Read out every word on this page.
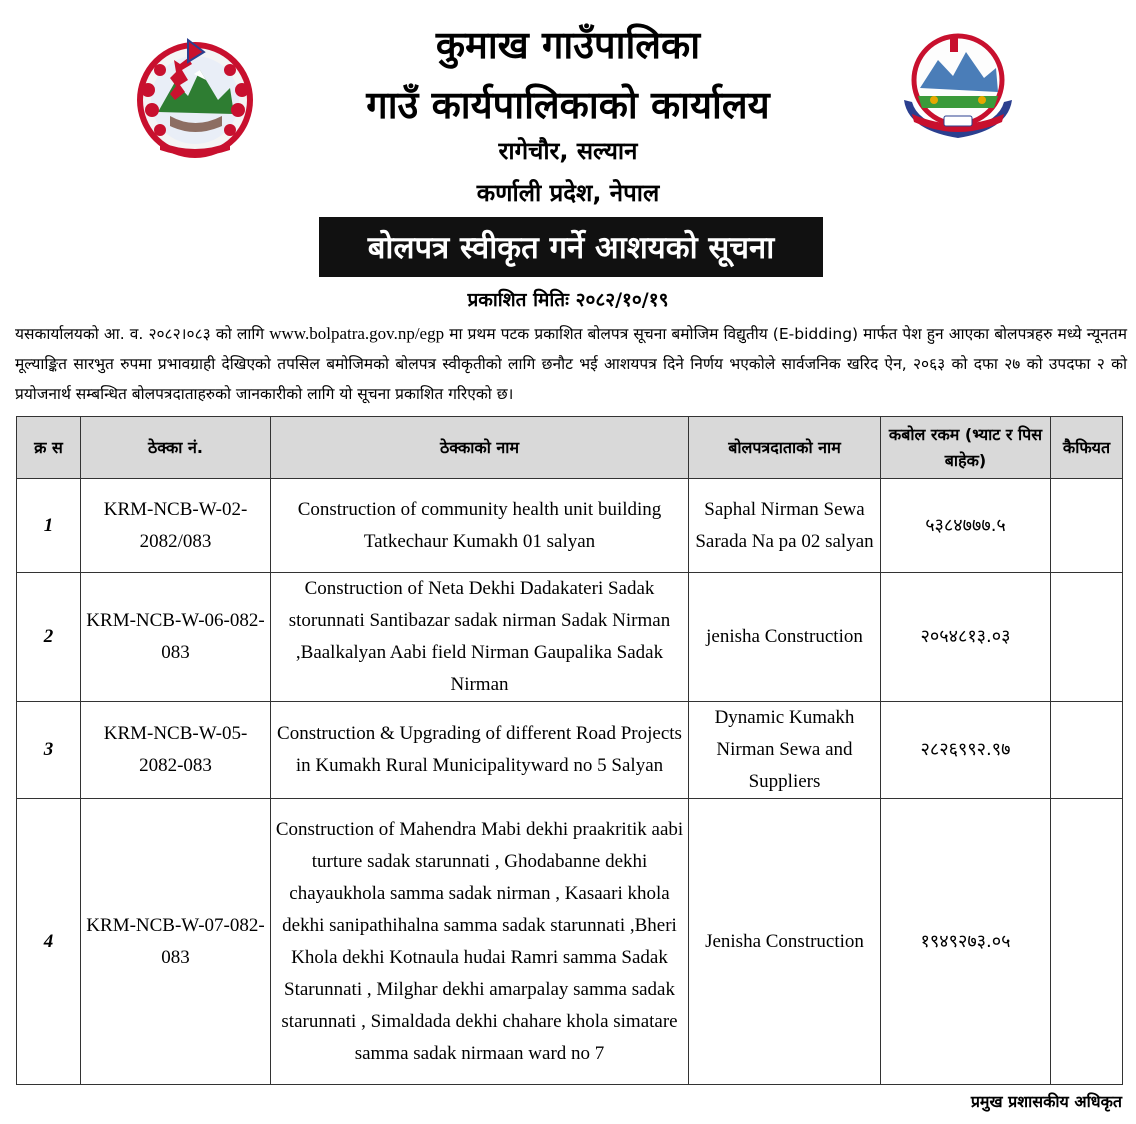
कुमाख गाउँपालिका
गाउँ कार्यपालिकाको कार्यालय
रागेचौर, सल्यान
कर्णाली प्रदेश, नेपाल
बोलपत्र स्वीकृत गर्ने आशयको सूचना
प्रकाशित मितिः २०८२/१०/१९
यसकार्यालयको आ. व. २०८२।०८३ को लागि www.bolpatra.gov.np/egp मा प्रथम पटक प्रकाशित बोलपत्र सूचना बमोजिम विद्युतीय (E-bidding) मार्फत पेश हुन आएका बोलपत्रहरु मध्ये न्यूनतम मूल्याङ्कित सारभुत रुपमा प्रभावग्राही देखिएको तपसिल बमोजिमको बोलपत्र स्वीकृतीको लागि छनौट भई आशयपत्र दिने निर्णय भएकोले सार्वजनिक खरिद ऐन, २०६३ को दफा २७ को उपदफा २ को प्रयोजनार्थ सम्बन्धित बोलपत्रदाताहरुको जानकारीको लागि यो सूचना प्रकाशित गरिएको छ।
क्र स	ठेक्का नं.	ठेक्काको नाम	बोलपत्रदाताको नाम	कबोल रकम (भ्याट र पिस बाहेक)	कैफियत
1	KRM-NCB-W-02-2082/083	Construction of community health unit building Tatkechaur Kumakh 01 salyan	Saphal Nirman Sewa Sarada Na pa 02 salyan	५३८४७७७.५	
2	KRM-NCB-W-06-082-083	Construction of Neta Dekhi Dadakateri Sadak storunnati Santibazar sadak nirman Sadak Nirman ,Baalkalyan Aabi field Nirman Gaupalika Sadak Nirman	jenisha Construction	२०५४८१३.०३	
3	KRM-NCB-W-05-2082-083	Construction & Upgrading of different Road Projects in Kumakh Rural Municipalityward no 5 Salyan	Dynamic Kumakh Nirman Sewa and Suppliers	२८२६९९२.९७	
4	KRM-NCB-W-07-082-083	Construction of Mahendra Mabi dekhi praakritik aabi turture sadak starunnati , Ghodabanne dekhi chayaukhola samma sadak nirman , Kasaari khola dekhi sanipathihalna samma sadak starunnati ,Bheri Khola dekhi Kotnaula hudai Ramri samma Sadak Starunnati , Milghar dekhi amarpalay samma sadak starunnati , Simaldada dekhi chahare khola simatare samma sadak nirmaan ward no 7	Jenisha Construction	१९४९२७३.०५	
प्रमुख प्रशासकीय अधिकृत
